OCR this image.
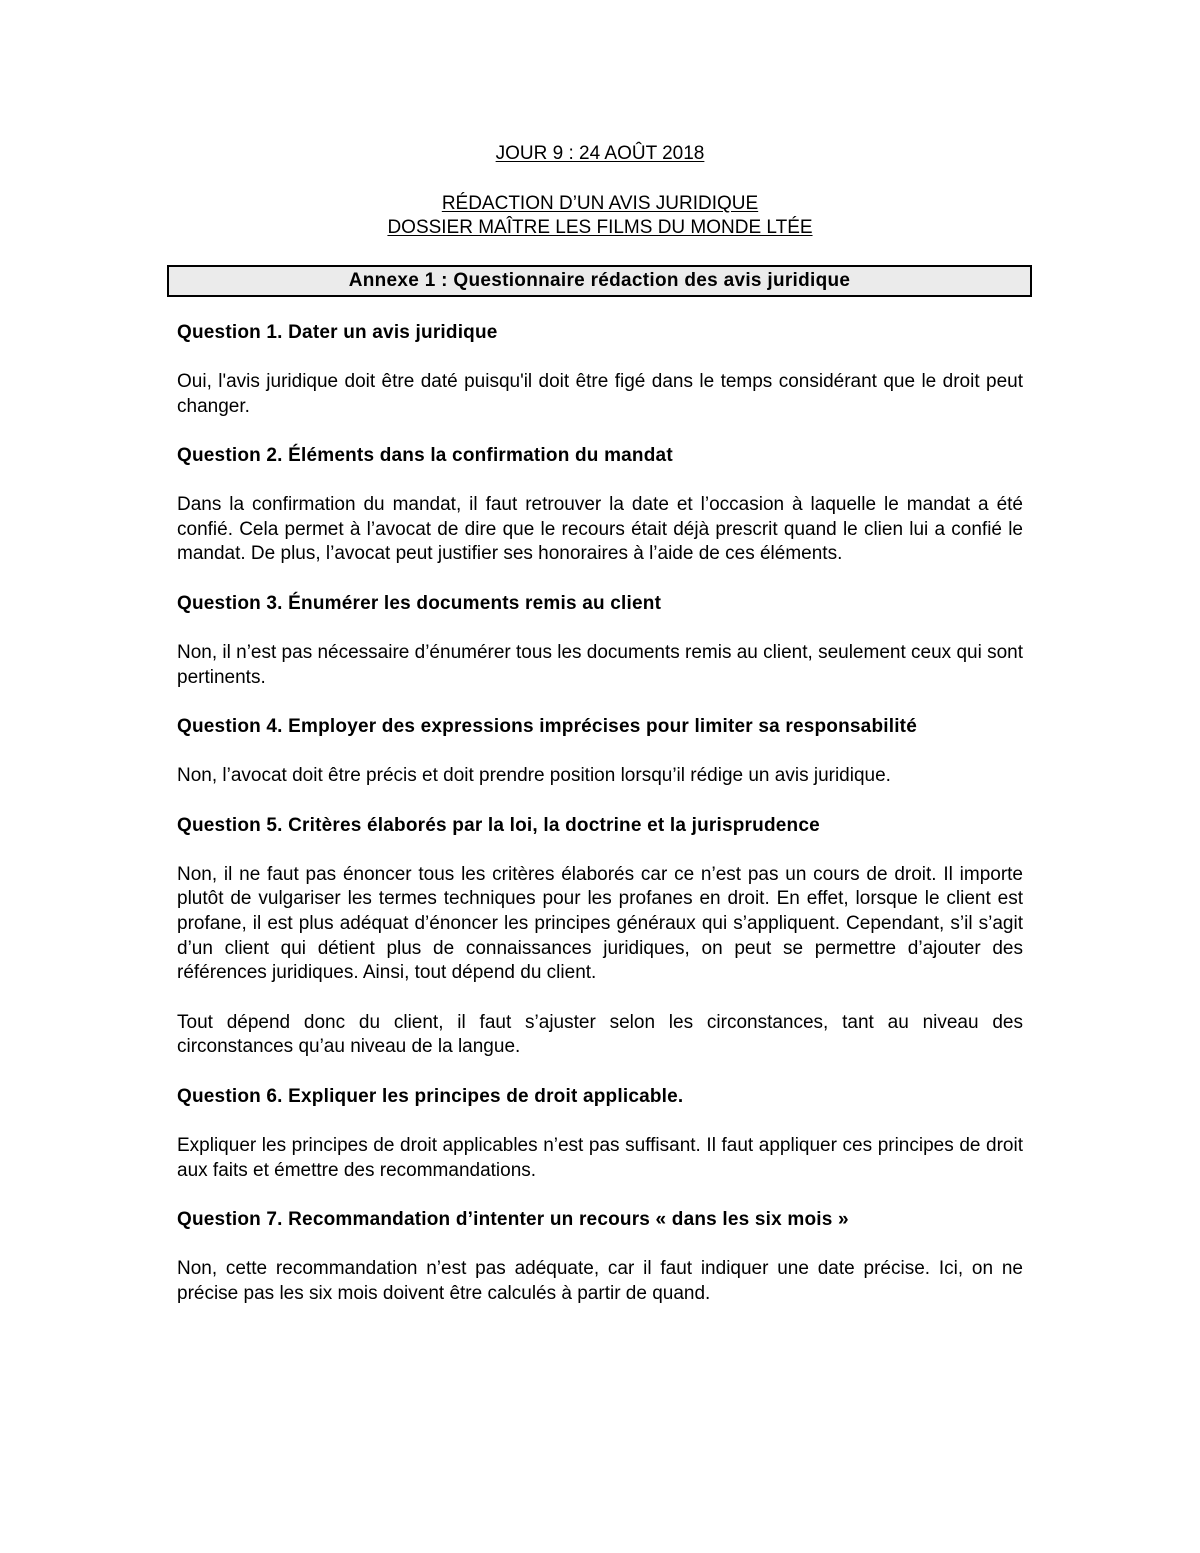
JOUR 9 : 24 AOÛT 2018
RÉDACTION D’UN AVIS JURIDIQUE
DOSSIER MAÎTRE LES FILMS DU MONDE LTÉE
Annexe 1 : Questionnaire rédaction des avis juridique
Question 1. Dater un avis juridique
Oui, l'avis juridique doit être daté puisqu'il doit être figé dans le temps considérant que le droit peut changer.
Question 2. Éléments dans la confirmation du mandat
Dans la confirmation du mandat, il faut retrouver la date et l’occasion à laquelle le mandat a été confié. Cela permet à l’avocat de dire que le recours était déjà prescrit quand le clien lui a confié le mandat. De plus, l’avocat peut justifier ses honoraires à l’aide de ces éléments.
Question 3. Énumérer les documents remis au client
Non, il n’est pas nécessaire d’énumérer tous les documents remis au client, seulement ceux qui sont pertinents.
Question 4. Employer des expressions imprécises pour limiter sa responsabilité
Non, l’avocat doit être précis et doit prendre position lorsqu’il rédige un avis juridique.
Question 5. Critères élaborés par la loi, la doctrine et la jurisprudence
Non, il ne faut pas énoncer tous les critères élaborés car ce n’est pas un cours de droit. Il importe plutôt de vulgariser les termes techniques pour les profanes en droit. En effet, lorsque le client est profane, il est plus adéquat d’énoncer les principes généraux qui s’appliquent. Cependant, s’il s’agit d’un client qui détient plus de connaissances juridiques, on peut se permettre d’ajouter des références juridiques. Ainsi, tout dépend du client.
Tout dépend donc du client, il faut s’ajuster selon les circonstances, tant au niveau des circonstances qu’au niveau de la langue.
Question 6. Expliquer les principes de droit applicable.
Expliquer les principes de droit applicables n’est pas suffisant. Il faut appliquer ces principes de droit aux faits et émettre des recommandations.
Question 7. Recommandation d’intenter un recours « dans les six mois »
Non, cette recommandation n’est pas adéquate, car il faut indiquer une date précise. Ici, on ne précise pas les six mois doivent être calculés à partir de quand.
